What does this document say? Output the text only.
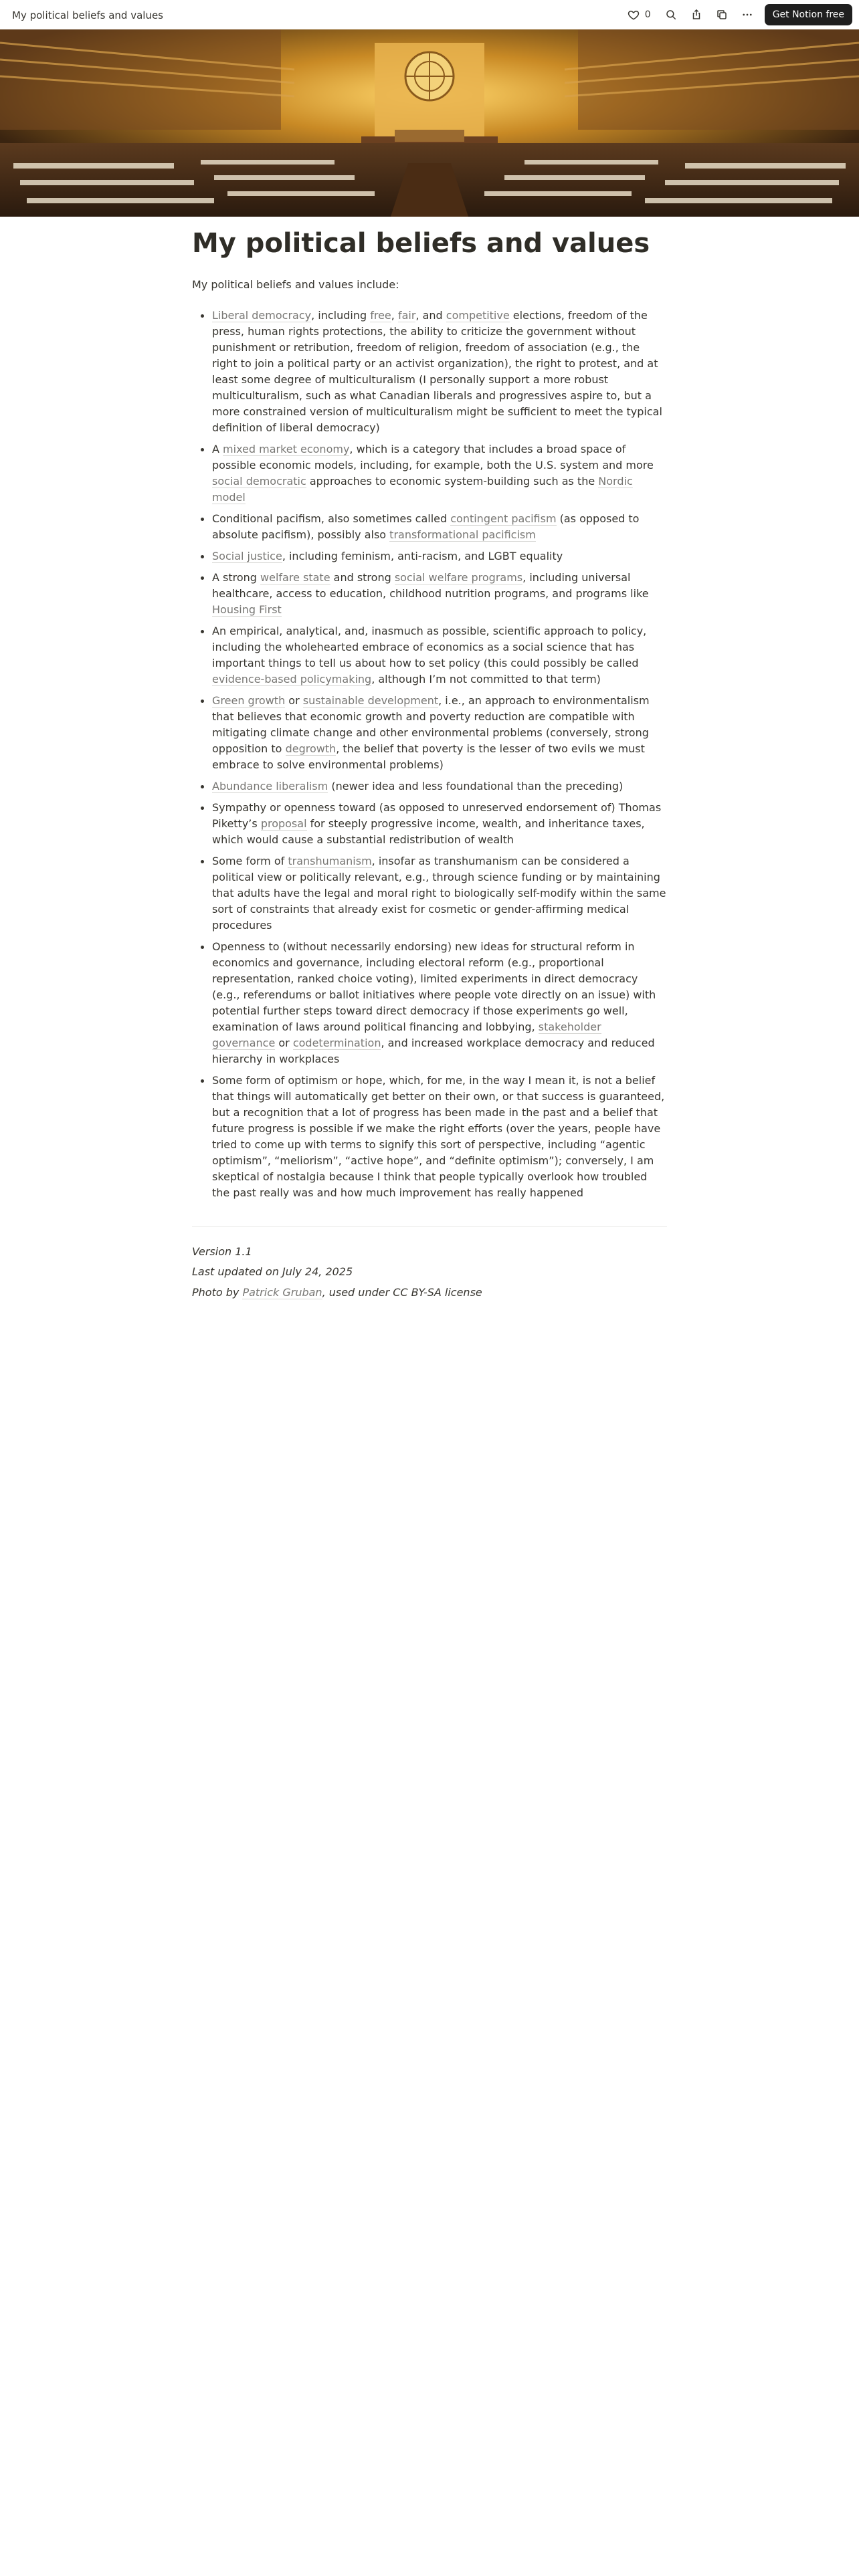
My political beliefs and values	0	Get Notion free
My political beliefs and values

My political beliefs and values include:

• Liberal democracy, including free, fair, and competitive elections, freedom of the press, human rights protections, the ability to criticize the government without punishment or retribution, freedom of religion, freedom of association (e.g., the right to join a political party or an activist organization), the right to protest, and at least some degree of multiculturalism (I personally support a more robust multiculturalism, such as what Canadian liberals and progressives aspire to, but a more constrained version of multiculturalism might be sufficient to meet the typical definition of liberal democracy)
• A mixed market economy, which is a category that includes a broad space of possible economic models, including, for example, both the U.S. system and more social democratic approaches to economic system-building such as the Nordic model
• Conditional pacifism, also sometimes called contingent pacifism (as opposed to absolute pacifism), possibly also transformational pacificism
• Social justice, including feminism, anti-racism, and LGBT equality
• A strong welfare state and strong social welfare programs, including universal healthcare, access to education, childhood nutrition programs, and programs like Housing First
• An empirical, analytical, and, inasmuch as possible, scientific approach to policy, including the wholehearted embrace of economics as a social science that has important things to tell us about how to set policy (this could possibly be called evidence-based policymaking, although I’m not committed to that term)
• Green growth or sustainable development, i.e., an approach to environmentalism that believes that economic growth and poverty reduction are compatible with mitigating climate change and other environmental problems (conversely, strong opposition to degrowth, the belief that poverty is the lesser of two evils we must embrace to solve environmental problems)
• Abundance liberalism (newer idea and less foundational than the preceding)
• Sympathy or openness toward (as opposed to unreserved endorsement of) Thomas Piketty’s proposal for steeply progressive income, wealth, and inheritance taxes, which would cause a substantial redistribution of wealth
• Some form of transhumanism, insofar as transhumanism can be considered a political view or politically relevant, e.g., through science funding or by maintaining that adults have the legal and moral right to biologically self-modify within the same sort of constraints that already exist for cosmetic or gender-affirming medical procedures
• Openness to (without necessarily endorsing) new ideas for structural reform in economics and governance, including electoral reform (e.g., proportional representation, ranked choice voting), limited experiments in direct democracy (e.g., referendums or ballot initiatives where people vote directly on an issue) with potential further steps toward direct democracy if those experiments go well, examination of laws around political financing and lobbying, stakeholder governance or codetermination, and increased workplace democracy and reduced hierarchy in workplaces
• Some form of optimism or hope, which, for me, in the way I mean it, is not a belief that things will automatically get better on their own, or that success is guaranteed, but a recognition that a lot of progress has been made in the past and a belief that future progress is possible if we make the right efforts (over the years, people have tried to come up with terms to signify this sort of perspective, including “agentic optimism”, “meliorism”, “active hope”, and “definite optimism”); conversely, I am skeptical of nostalgia because I think that people typically overlook how troubled the past really was and how much improvement has really happened

Version 1.1

Last updated on July 24, 2025

Photo by Patrick Gruban, used under CC BY-SA license
